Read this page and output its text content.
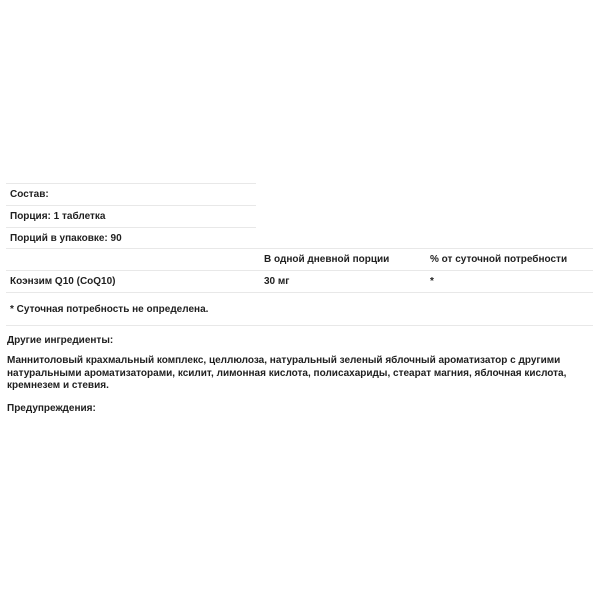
Состав:
Порция: 1 таблетка
Порций в упаковке: 90
	В одной дневной порции	% от суточной потребности
Коэнзим Q10 (CoQ10)	30 мг	*
* Суточная потребность не определена.		
Другие ингредиенты:
Маннитоловый крахмальный комплекс, целлюлоза, натуральный зеленый яблочный ароматизатор с другими натуральными ароматизаторами, ксилит, лимонная кислота, полисахариды, стеарат магния, яблочная кислота, кремнезем и стевия.
Предупреждения:
